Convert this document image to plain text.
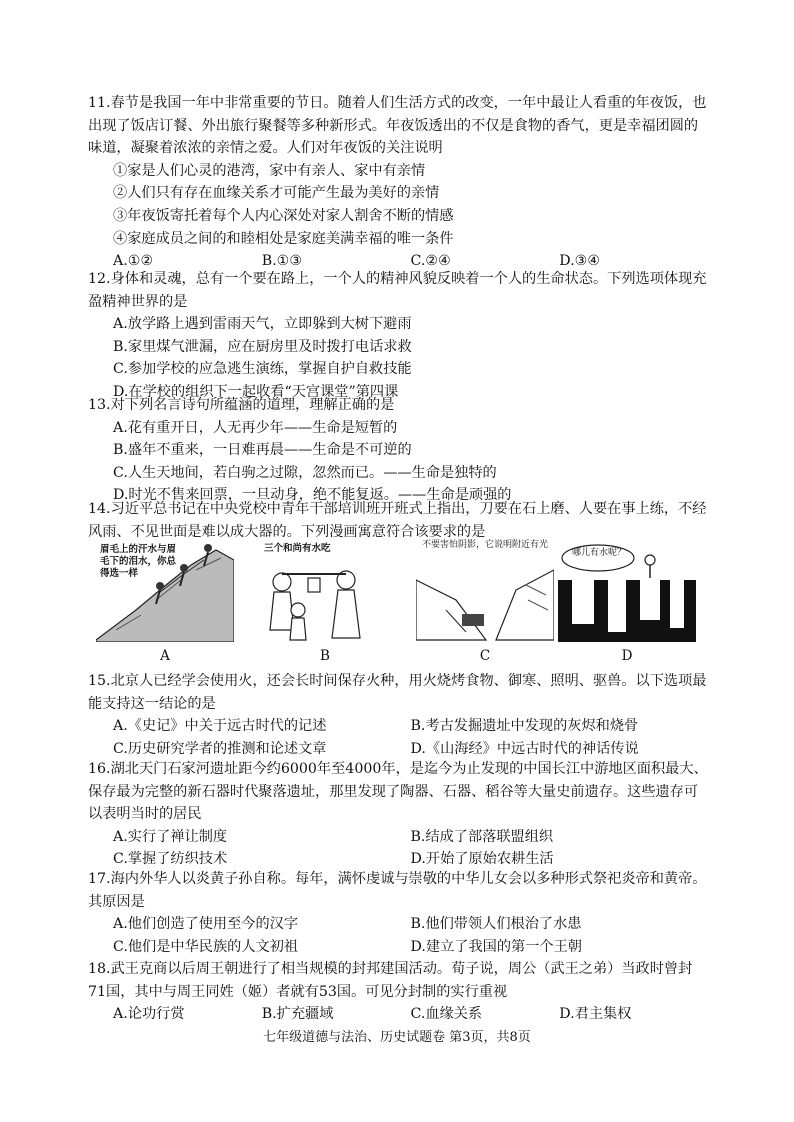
11.春节是我国一年中非常重要的节日。随着人们生活方式的改变，一年中最让人看重的年夜饭，也出现了饭店订餐、外出旅行聚餐等多种新形式。年夜饭透出的不仅是食物的香气，更是幸福团圆的味道，凝聚着浓浓的亲情之爱。人们对年夜饭的关注说明

①家是人们心灵的港湾，家中有亲人、家中有亲情

②人们只有存在血缘关系才可能产生最为美好的亲情

③年夜饭寄托着每个人内心深处对家人割舍不断的情感

④家庭成员之间的和睦相处是家庭美满幸福的唯一条件

A.①②	B.①③	C.②④	D.③④

12.身体和灵魂，总有一个要在路上，一个人的精神风貌反映着一个人的生命状态。下列选项体现充盈精神世界的是

A.放学路上遇到雷雨天气，立即躲到大树下避雨

B.家里煤气泄漏，应在厨房里及时拨打电话求救

C.参加学校的应急逃生演练，掌握自护自救技能

D.在学校的组织下一起收看“天宫课堂”第四课

13.对下列名言诗句所蕴涵的道理，理解正确的是

A.花有重开日，人无再少年——生命是短暂的

B.盛年不重来，一日难再晨——生命是不可逆的

C.人生天地间，若白驹之过隙，忽然而已。——生命是独特的

D.时光不售来回票，一旦动身，绝不能复返。——生命是顽强的

14.习近平总书记在中央党校中青年干部培训班开班式上指出，刀要在石上磨、人要在事上练，不经风雨、不见世面是难以成大器的。下列漫画寓意符合该要求的是

眉毛上的汗水与眉毛下的泪水，你总得选一样
三个和尚有水吃	不要害怕阴影，它说明附近有光
哪儿有水呢？
A	B	C	D

15.北京人已经学会使用火，还会长时间保存火种，用火烧烤食物、御寒、照明、驱兽。以下选项最能支持这一结论的是

A.《史记》中关于远古时代的记述	B.考古发掘遗址中发现的灰烬和烧骨
C.历史研究学者的推测和论述文章	D.《山海经》中远古时代的神话传说

16.湖北天门石家河遗址距今约6000年至4000年，是迄今为止发现的中国长江中游地区面积最大、保存最为完整的新石器时代聚落遗址，那里发现了陶器、石器、稻谷等大量史前遗存。这些遗存可以表明当时的居民

A.实行了禅让制度	B.结成了部落联盟组织
C.掌握了纺织技术	D.开始了原始农耕生活

17.海内外华人以炎黄子孙自称。每年，满怀虔诚与崇敬的中华儿女会以多种形式祭祀炎帝和黄帝。其原因是

A.他们创造了使用至今的汉字	B.他们带领人们根治了水患
C.他们是中华民族的人文初祖	D.建立了我国的第一个王朝

18.武王克商以后周王朝进行了相当规模的封邦建国活动。荀子说，周公（武王之弟）当政时曾封71国，其中与周王同姓（姬）者就有53国。可见分封制的实行重视

A.论功行赏	B.扩充疆域	C.血缘关系	D.君主集权
七年级道德与法治、历史试题卷 第3页，共8页
